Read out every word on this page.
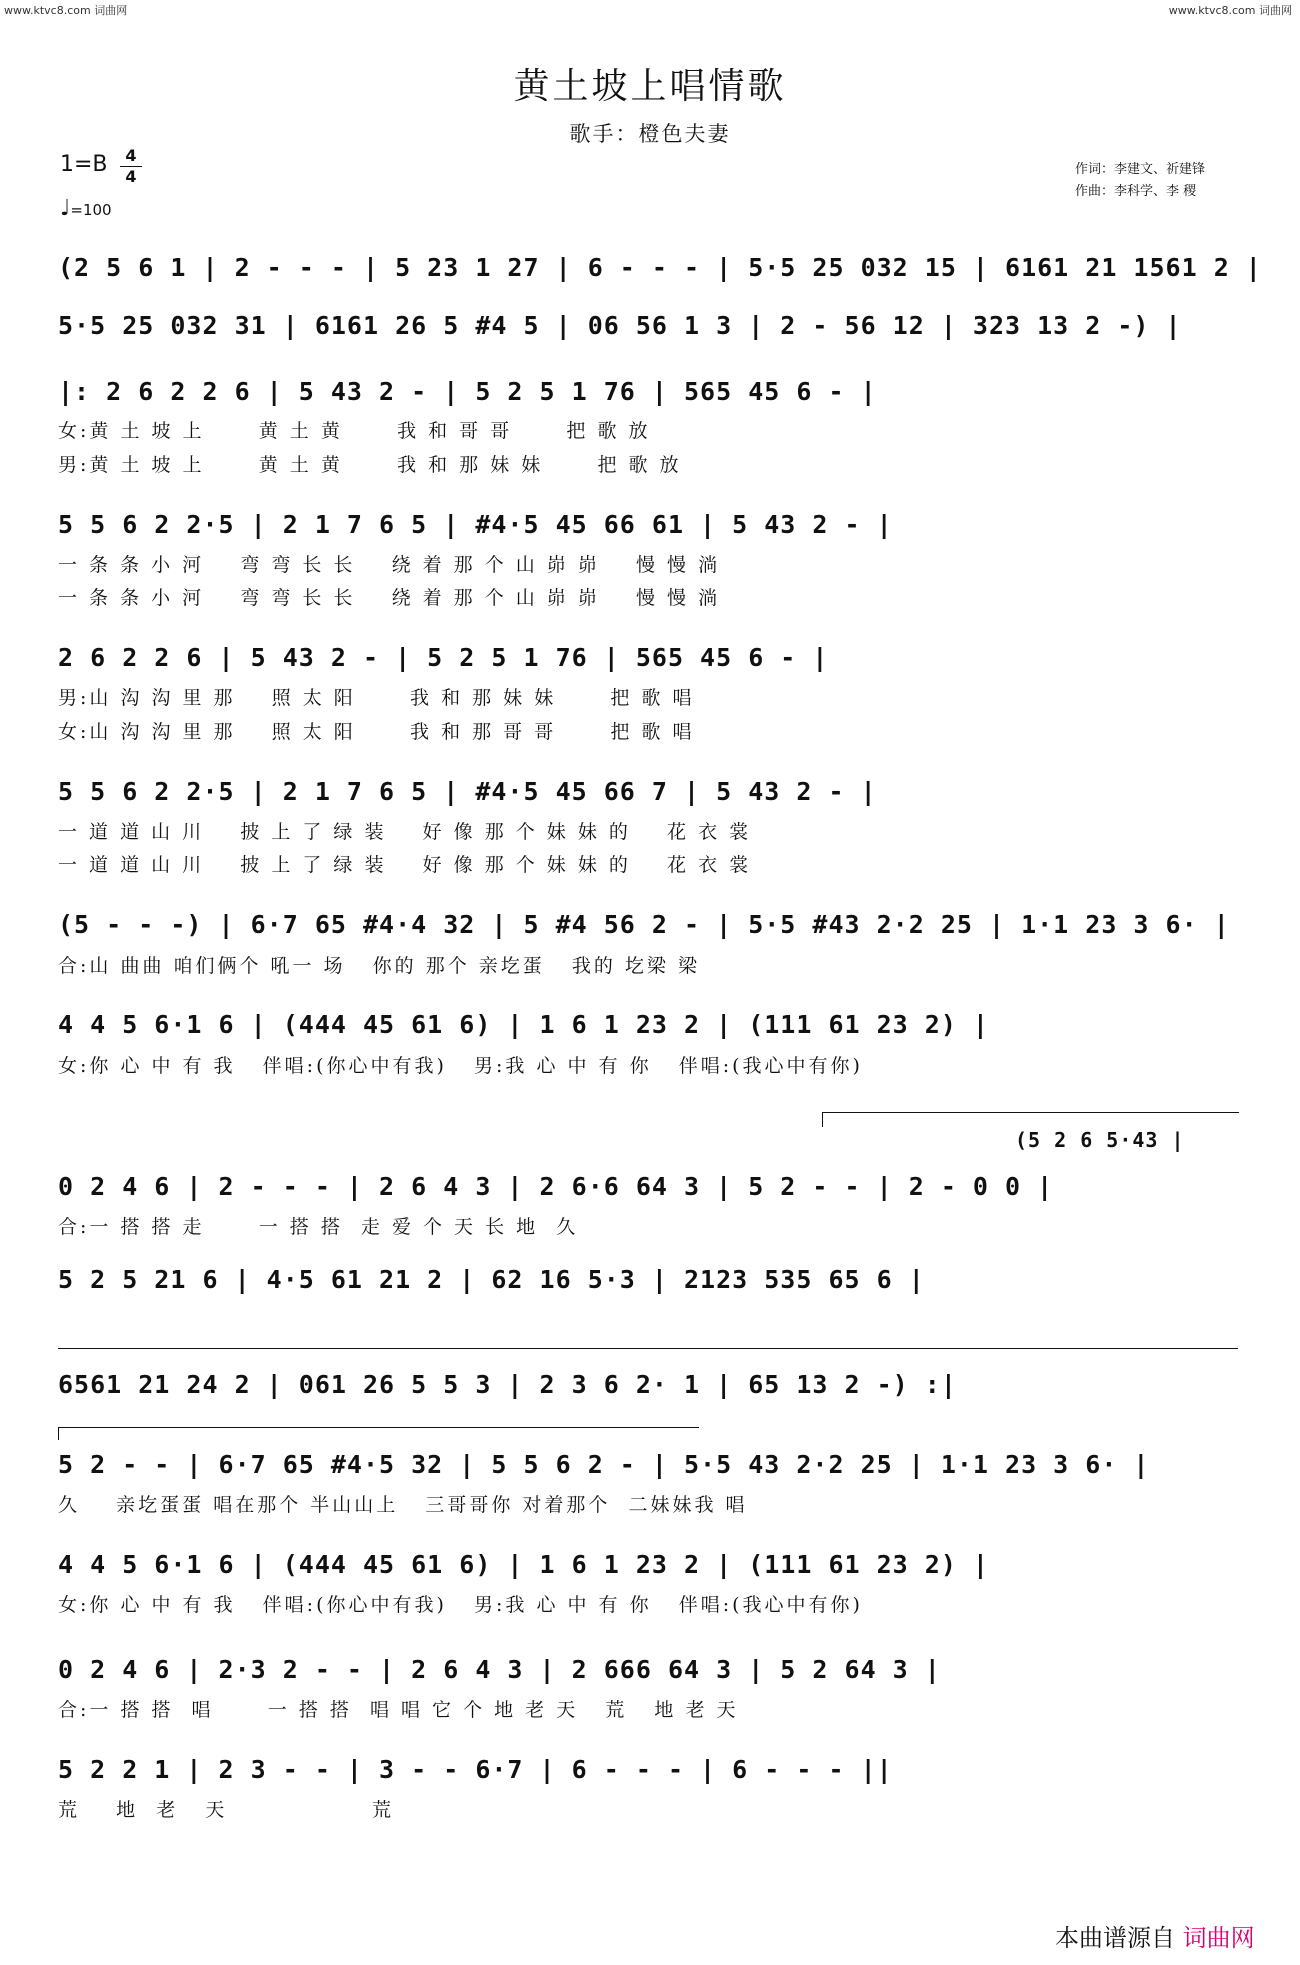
www.ktvc8.com 词曲网	www.ktvc8.com 词曲网
黄土坡上唱情歌
歌手：橙色夫妻
1=B	4
4
♩=100
作词：李建文、祈建锋
作曲：李科学、李 稷
(2 5 6 1 | 2 - - - | 5 23 1 27 | 6 - - - | 5·5 25 032 15 | 6161 21 1561 2 |
5·5 25 032 31 | 6161 26 5 #4 5 | 06 56 1 3 | 2 - 56 12 | 323 13 2 -) |
|: 2 6 2 2 6 | 5 43 2 - | 5 2 5 1 76 | 565 45 6 - |
女:黄 土 坡 上      黄 土 黄      我 和 哥 哥      把 歌 放
男:黄 土 坡 上      黄 土 黄      我 和 那 妹 妹      把 歌 放
5 5 6 2 2·5 | 2 1 7 6 5 | #4·5 45 66 61 | 5 43 2 - |
一 条 条 小 河    弯 弯 长 长    绕 着 那 个 山 峁 峁    慢 慢 淌
一 条 条 小 河    弯 弯 长 长    绕 着 那 个 山 峁 峁    慢 慢 淌
2 6 2 2 6 | 5 43 2 - | 5 2 5 1 76 | 565 45 6 - |
男:山 沟 沟 里 那    照 太 阳      我 和 那 妹 妹      把 歌 唱
女:山 沟 沟 里 那    照 太 阳      我 和 那 哥 哥      把 歌 唱
5 5 6 2 2·5 | 2 1 7 6 5 | #4·5 45 66 7 | 5 43 2 - |
一 道 道 山 川    披 上 了 绿 装    好 像 那 个 妹 妹 的    花 衣 裳
一 道 道 山 川    披 上 了 绿 装    好 像 那 个 妹 妹 的    花 衣 裳
(5 - - -) | 6·7 65 #4·4 32 | 5 #4 56 2 - | 5·5 #43 2·2 25 | 1·1 23 3 6· |
合:山 曲曲 咱们俩个 吼一 场   你的 那个 亲圪蛋   我的 圪梁 梁
4 4 5 6·1 6 | (444 45 61 6) | 1 6 1 23 2 | (111 61 23 2) |
女:你 心 中 有 我   伴唱:(你心中有我)   男:我 心 中 有 你   伴唱:(我心中有你)
(5 2 6 5·43 |
0 2 4 6 | 2 - - - | 2 6 4 3 | 2 6·6 64 3 | 5 2 - - | 2 - 0 0 |
合:一 搭 搭 走      一 搭 搭  走 爱 个 天 长 地  久
5 2 5 21 6 | 4·5 61 21 2 | 62 16 5·3 | 2123 535 65 6 |
6561 21 24 2 | 061 26 5 5 3 | 2 3 6 2· 1 | 65 13 2 -) :|
5 2 - - | 6·7 65 #4·5 32 | 5 5 6 2 - | 5·5 43 2·2 25 | 1·1 23 3 6· |
久    亲圪蛋蛋 唱在那个 半山山上   三哥哥你 对着那个  二妹妹我 唱
4 4 5 6·1 6 | (444 45 61 6) | 1 6 1 23 2 | (111 61 23 2) |
女:你 心 中 有 我   伴唱:(你心中有我)   男:我 心 中 有 你   伴唱:(我心中有你)
0 2 4 6 | 2·3 2 - - | 2 6 4 3 | 2 666 64 3 | 5 2 64 3 |
合:一 搭 搭  唱      一 搭 搭  唱 唱 它 个 地 老 天   荒   地 老 天
5 2 2 1 | 2 3 - - | 3 - - 6·7 | 6 - - - | 6 - - - ||
荒    地  老   天                荒
本曲谱源自 词曲网
